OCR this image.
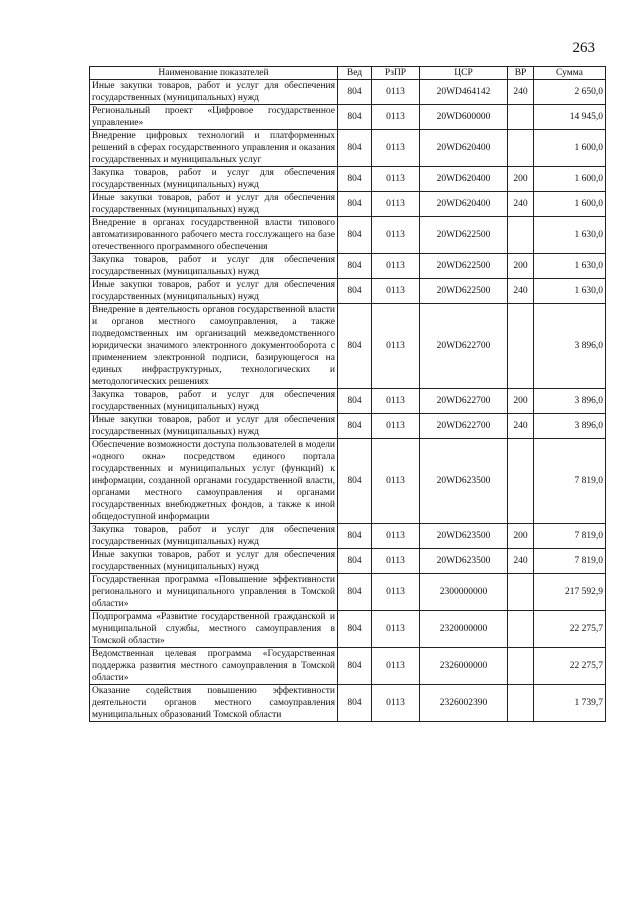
263
Наименование показателей	Вед	РзПР	ЦСР	ВР	Сумма
Иные закупки товаров, работ и услуг для обеспечения государственных (муниципальных) нужд	804	0113	20WD464142	240	2 650,0
Региональный проект «Цифровое государственное управление»	804	0113	20WD600000		14 945,0
Внедрение цифровых технологий и платформенных решений в сферах государственного управления и оказания государственных и муниципальных услуг	804	0113	20WD620400		1 600,0
Закупка товаров, работ и услуг для обеспечения государственных (муниципальных) нужд	804	0113	20WD620400	200	1 600,0
Иные закупки товаров, работ и услуг для обеспечения государственных (муниципальных) нужд	804	0113	20WD620400	240	1 600,0
Внедрение в органах государственной власти типового автоматизированного рабочего места госслужащего на базе отечественного программного обеспечения	804	0113	20WD622500		1 630,0
Закупка товаров, работ и услуг для обеспечения государственных (муниципальных) нужд	804	0113	20WD622500	200	1 630,0
Иные закупки товаров, работ и услуг для обеспечения государственных (муниципальных) нужд	804	0113	20WD622500	240	1 630,0
Внедрение в деятельность органов государственной власти и органов местного самоуправления, а также подведомственных им организаций межведомственного юридически значимого электронного документооборота с применением электронной подписи, базирующегося на единых инфраструктурных, технологических и методологических решениях	804	0113	20WD622700		3 896,0
Закупка товаров, работ и услуг для обеспечения государственных (муниципальных) нужд	804	0113	20WD622700	200	3 896,0
Иные закупки товаров, работ и услуг для обеспечения государственных (муниципальных) нужд	804	0113	20WD622700	240	3 896,0
Обеспечение возможности доступа пользователей в модели «одного окна» посредством единого портала государственных и муниципальных услуг (функций) к информации, созданной органами государственной власти, органами местного самоуправления и органами государственных внебюджетных фондов, а также к иной общедоступной информации	804	0113	20WD623500		7 819,0
Закупка товаров, работ и услуг для обеспечения государственных (муниципальных) нужд	804	0113	20WD623500	200	7 819,0
Иные закупки товаров, работ и услуг для обеспечения государственных (муниципальных) нужд	804	0113	20WD623500	240	7 819,0
Государственная программа «Повышение эффективности регионального и муниципального управления в Томской области»	804	0113	2300000000		217 592,9
Подпрограмма «Развитие государственной гражданской и муниципальной службы, местного самоуправления в Томской области»	804	0113	2320000000		22 275,7
Ведомственная целевая программа «Государственная поддержка развития местного самоуправления в Томской области»	804	0113	2326000000		22 275,7
Оказание содействия повышению эффективности деятельности органов местного самоуправления муниципальных образований Томской области	804	0113	2326002390		1 739,7
